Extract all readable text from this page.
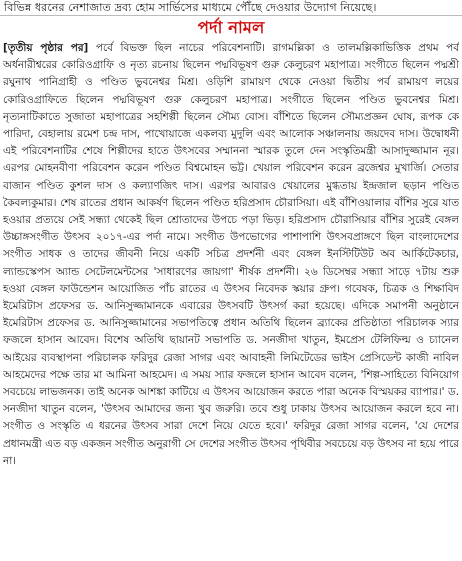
বিভিন্ন ধরনের নেশাজাত দ্রব্য হোম সার্ভিসের মাধ্যমে পৌঁছে দেওয়ার উদ্যোগ নিয়েছে।
পর্দা নামল

[তৃতীয় পৃষ্ঠার পর] পর্বে বিভক্ত ছিল নাচের পরিবেশনাটি। রাগমল্লিকা ও তালমল্লিকাভিত্তিক প্রথম পর্ব অর্ধনারীশ্বরের কোরিওগ্রাফি ও নৃত্য রচনায় ছিলেন পদ্মবিভূষণ গুরু কেলুচরণ মহাপাত্র। সংগীতে ছিলেন পদ্মশ্রী রঘুনাথ পানিগ্রাহী ও পণ্ডিত ভুবনেশ্বর মিশ্র। ওড়িশি রামায়ণ থেকে নেওয়া দ্বিতীয় পর্ব রামায়ণ লয়ের কোরিওগ্রাফিতে ছিলেন পদ্মবিভূষণ গুরু কেলুচরণ মহাপাত্র। সংগীতে ছিলেন পণ্ডিত ভুবনেশ্বর মিশ্র। নৃত্যনাটিকাতে সুজাতা মহাপাত্রের সহশিল্পী ছিলেন সৌম্য বোস। বাঁশিতে ছিলেন সৌম্যপ্রজ্ঞন ঘোষ, রূপক কে পারিদা, বেহালায় রমেশ চন্দ্র দাস, পাখোয়াজে একলব্য মুদুলি এবং আলোক সঞ্চালনায় জয়দেব দাস। উদ্বোধনী এই পরিবেশনাটির শেষে শিল্পীদের হাতে উৎসবের সম্মাননা স্মারক তুলে দেন সংস্কৃতিমন্ত্রী আসাদুজ্জামান নূর। এরপর মোহনবীণা পরিবেশন করেন পণ্ডিত বিশ্বমোহন ভট্ট। খেয়াল পরিবেশন করেন ব্রজেশ্বর মুখার্জি। সেতার বাজান পণ্ডিত কুশল দাস ও কল্যাণজিৎ দাস। এরপর আবারও খেয়ালের মুগ্ধতায় ইন্দ্রজাল ছড়ান পণ্ডিত কৈবল্যকুমার। শেষ রাতের প্রধান আকর্ষণ ছিলেন পণ্ডিত হরিপ্রসাদ চৌরাসিয়া। এই বাঁশিওয়ালার বাঁশির সুরে যাত হওয়ার প্রত্যয়ে সেই সন্ধ্যা থেকেই ছিল শ্রোতাদের উপচে পড়া ভিড়। হরিপ্রসাদ চৌরাসিয়ার বাঁশির সুরেই বেঙ্গল উচ্চাঙ্গসংগীত উৎসব ২০১৭-এর পর্দা নামে। সংগীত উপভোগের পাশাপাশি উৎসবপ্রাঙ্গণে ছিল বাংলাদেশের সংগীত সাধক ও তাদের জীবনী নিয়ে একটি সচিত্র প্রদর্শনী এবং বেঙ্গল ইনস্টিটিউট অব আর্কিটেকচার, ল্যান্ডস্কেপস অ্যান্ড সেটেলমেন্টসের 'সাধারণের জায়গা' শীর্ষক প্রদর্শনী। ২৬ ডিসেম্বর সন্ধ্যা সাড়ে ৭টায় শুরু হওয়া বেঙ্গল ফাউন্ডেশন আয়োজিত পাঁচ রাতের এ উৎসব নিবেদক স্কয়ার গ্রুপ। গবেষক, চিত্রক ও শিক্ষাবিদ ইমেরিটাস প্রফেসর ড. আনিসুজ্জামানকে এবারের উৎসবটি উৎসর্গ করা হয়েছে। এদিকে সমাপনী অনুষ্ঠানে ইমেরিটাস প্রফেসর ড. আনিসুজ্জামানের সভাপতিত্বে প্রধান অতিথি ছিলেন ব্র্যাকের প্রতিষ্ঠাতা পরিচালক স্যার ফজলে হাসান আবেদ। বিশেষ অতিথি ছায়ানট সভাপতি ড. সনজীদা খাতুন, ইমপ্রেস টেলিফিল্ম ও চ্যানেল আইয়ের ব্যবস্থাপনা পরিচালক ফরিদুর রেজা সাগর এবং আবাহনী লিমিটেডের ভাইস প্রেসিডেন্ট কাজী নাবিল আহমেদের পক্ষে তার মা আমিনা আহমেদ। এ সময় স্যার ফজলে হাসান আবেদ বলেন, 'শিল্প-সাহিত্যে বিনিয়োগ সবচেয়ে লাভজনক। তাই অনেক আশঙ্কা কাটিয়ে এ উৎসব আয়োজন করতে পারা অনেক বিস্ময়কর ব্যাপার।' ড. সনজীদা খাতুন বলেন, 'উৎসব আমাদের জন্য খুব জরুরি। তবে শুধু ঢাকায় উৎসব আয়োজন করলে হবে না। সংগীত ও সংস্কৃতি এ ধরনের উৎসব সারা দেশে নিয়ে যেতে হবে।' ফরিদুর রেজা সাগর বলেন, 'যে দেশের প্রধানমন্ত্রী এত বড় একজন সংগীত অনুরাগী সে দেশের সংগীত উৎসব পৃথিবীর সবচেয়ে বড় উৎসব না হয়ে পারে না।
